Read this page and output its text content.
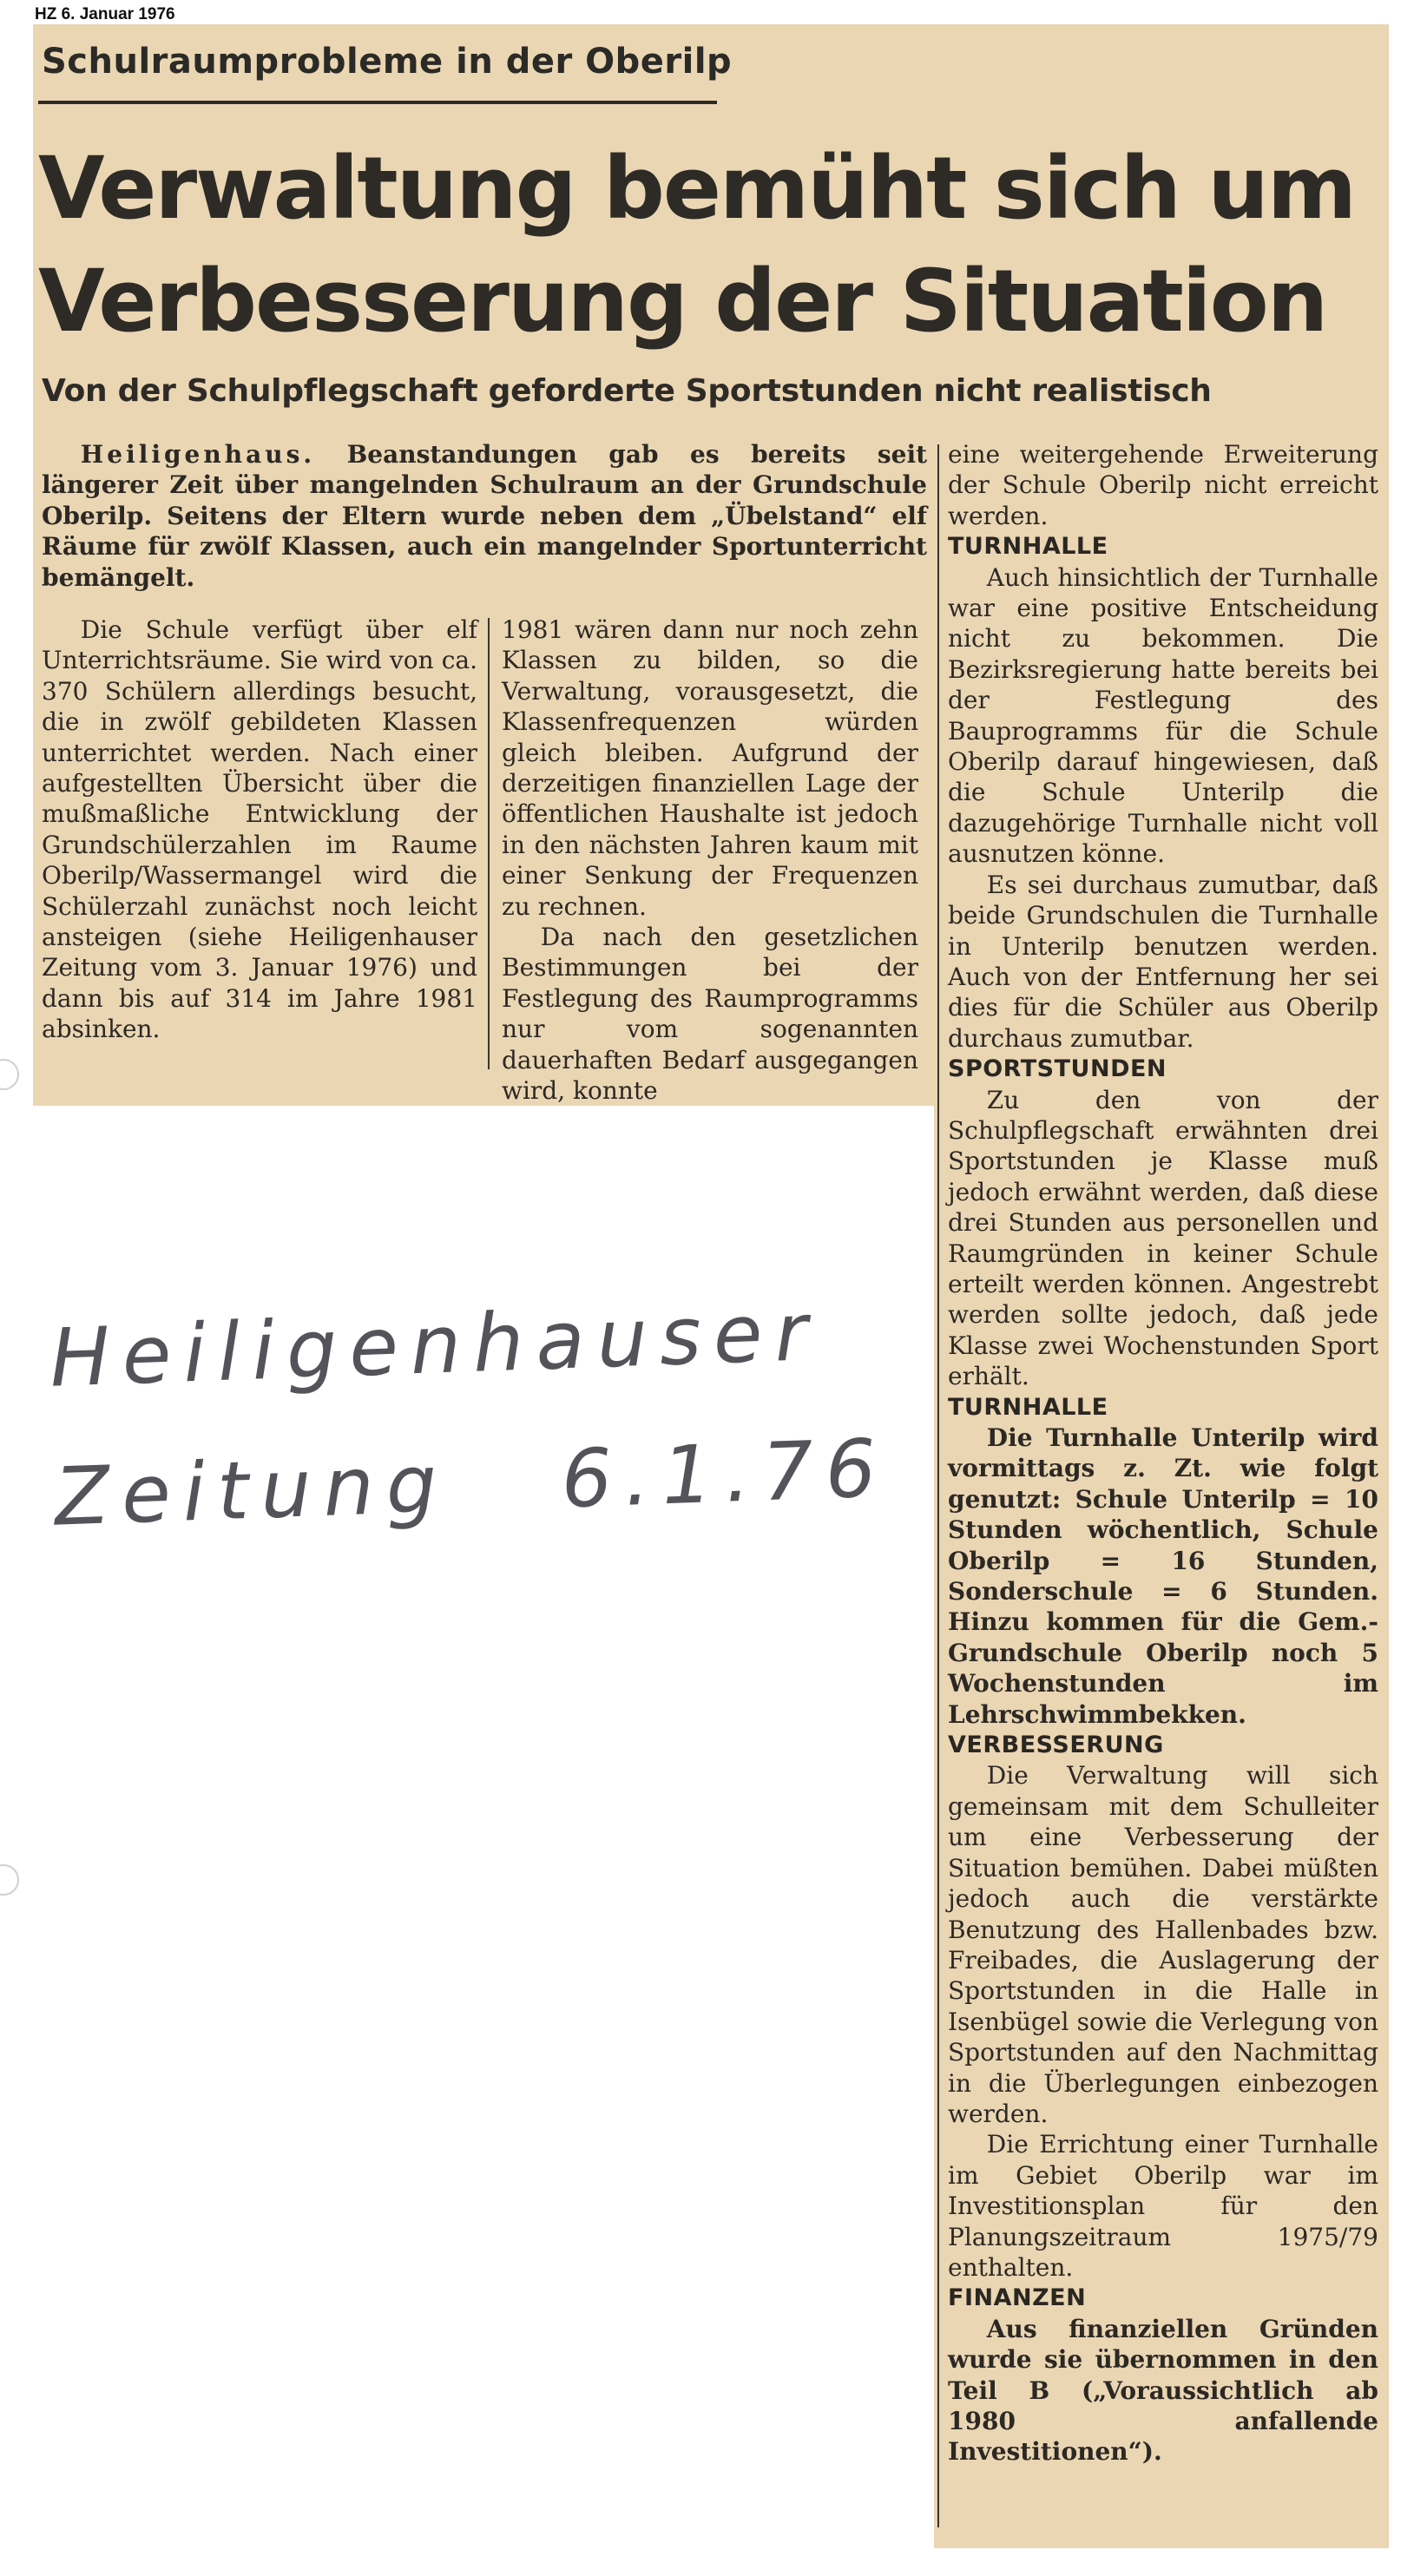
HZ 6. Januar 1976
Schulraumprobleme in der Oberilp
Verwaltung bemüht sich um
Verbesserung der Situation
Von der Schulpflegschaft geforderte Sportstunden nicht realistisch
Heiligenhaus. Beanstandungen gab es bereits seit längerer Zeit über mangelnden Schulraum an der Grundschule Oberilp. Seitens der Eltern wurde neben dem „Übelstand“ elf Räume für zwölf Klassen, auch ein mangelnder Sportunterricht bemängelt.

Die Schule verfügt über elf Unterrichtsräume. Sie wird von ca. 370 Schülern allerdings besucht, die in zwölf gebildeten Klassen unterrichtet werden. Nach einer aufgestellten Übersicht über die mußmaßliche Entwicklung der Grundschülerzahlen im Raume Oberilp/Wassermangel wird die Schülerzahl zunächst noch leicht ansteigen (siehe Heiligenhauser Zeitung vom 3. Januar 1976) und dann bis auf 314 im Jahre 1981 absinken.

1981 wären dann nur noch zehn Klassen zu bilden, so die Verwaltung, vorausgesetzt, die Klassenfrequenzen würden gleich bleiben. Aufgrund der derzeitigen finanziellen Lage der öffentlichen Haushalte ist jedoch in den nächsten Jahren kaum mit einer Senkung der Frequenzen zu rechnen.

Da nach den gesetzlichen Bestimmungen bei der Festlegung des Raumprogramms nur vom sogenannten dauerhaften Bedarf ausgegangen wird, konnte

eine weitergehende Erweiterung der Schule Oberilp nicht erreicht werden.

TURNHALLE

Auch hinsichtlich der Turnhalle war eine positive Entscheidung nicht zu bekommen. Die Bezirksregierung hatte bereits bei der Festlegung des Bauprogramms für die Schule Oberilp darauf hingewiesen, daß die Schule Unterilp die dazugehörige Turnhalle nicht voll ausnutzen könne.

Es sei durchaus zumutbar, daß beide Grundschulen die Turnhalle in Unterilp benutzen werden. Auch von der Entfernung her sei dies für die Schüler aus Oberilp durchaus zumutbar.

SPORTSTUNDEN

Zu den von der Schulpflegschaft erwähnten drei Sportstunden je Klasse muß jedoch erwähnt werden, daß diese drei Stunden aus personellen und Raumgründen in keiner Schule erteilt werden können. Angestrebt werden sollte jedoch, daß jede Klasse zwei Wochenstunden Sport erhält.

TURNHALLE

Die Turnhalle Unterilp wird vormittags z. Zt. wie folgt genutzt: Schule Unterilp = 10 Stunden wöchentlich, Schule Oberilp = 16 Stunden, Sonderschule = 6 Stunden. Hinzu kommen für die Gem.-Grundschule Oberilp noch 5 Wochenstunden im Lehrschwimmbekken.

VERBESSERUNG

Die Verwaltung will sich gemeinsam mit dem Schulleiter um eine Verbesserung der Situation bemühen. Dabei müßten jedoch auch die verstärkte Benutzung des Hallenbades bzw. Freibades, die Auslagerung der Sportstunden in die Halle in Isenbügel sowie die Verlegung von Sportstunden auf den Nachmittag in die Überlegungen einbezogen werden.

Die Errichtung einer Turnhalle im Gebiet Oberilp war im Investitionsplan für den Planungszeitraum 1975/79 enthalten.

FINANZEN

Aus finanziellen Gründen wurde sie übernommen in den Teil B („Voraussichtlich ab 1980 anfallende Investitionen“).

Heiligenhauser
Zeitung   6.1.76
